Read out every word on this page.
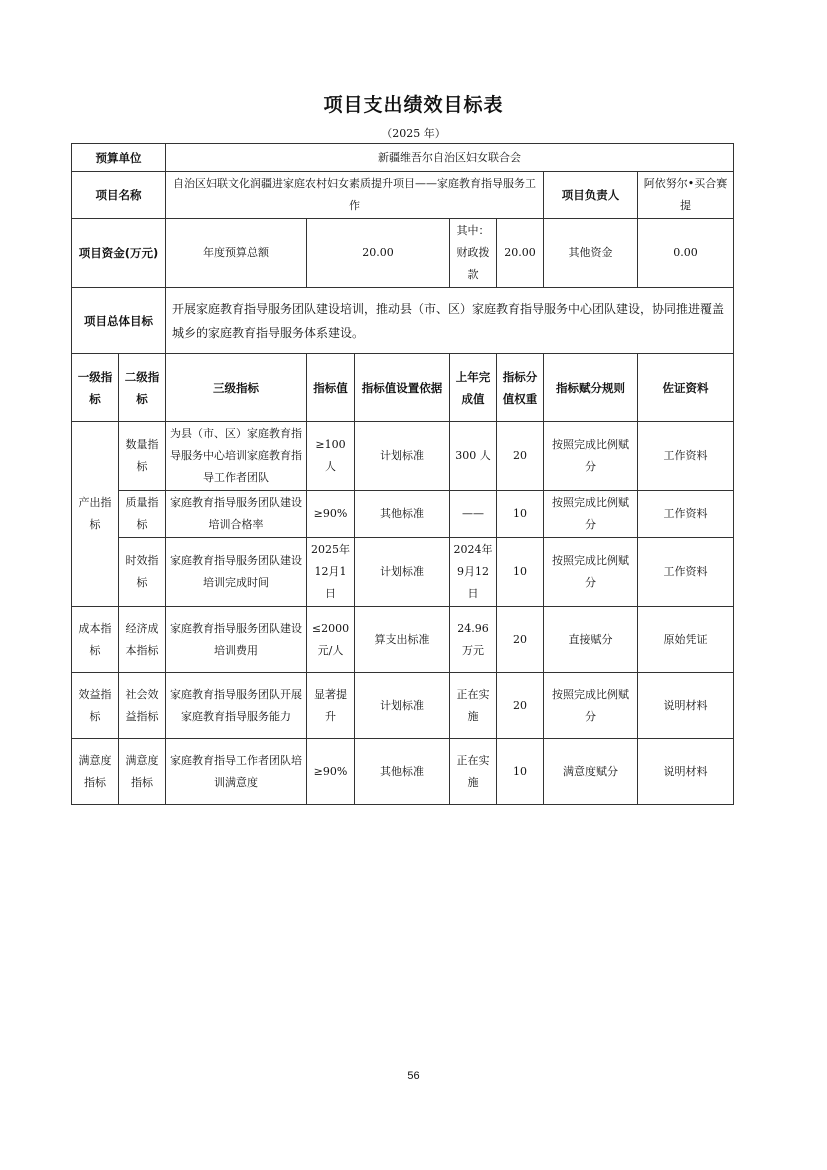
项目支出绩效目标表
（2025 年）
预算单位		新疆维吾尔自治区妇女联合会						
项目名称		自治区妇联文化润疆进家庭农村妇女素质提升项目——家庭教育指导服务工作					项目负责人	阿依努尔•买合赛提
项目资金(万元)		年度预算总额	20.00		其中：财政拨款	20.00	其他资金	0.00
项目总体目标		开展家庭教育指导服务团队建设培训，推动县（市、区）家庭教育指导服务中心团队建设，协同推进覆盖城乡的家庭教育指导服务体系建设。						
一级指标	二级指标	三级指标	指标值	指标值设置依据	上年完成值	指标分值权重	指标赋分规则	佐证资料
产出指标	数量指标	为县（市、区）家庭教育指导服务中心培训家庭教育指导工作者团队	≥100人	计划标准	300 人	20	按照完成比例赋分	工作资料
	质量指标	家庭教育指导服务团队建设培训合格率	≥90%	其他标准	——	10	按照完成比例赋分	工作资料
	时效指标	家庭教育指导服务团队建设培训完成时间	2025年12月1日	计划标准	2024年9月12日	10	按照完成比例赋分	工作资料
成本指标	经济成本指标	家庭教育指导服务团队建设培训费用	≤2000元/人	算支出标准	24.96万元	20	直接赋分	原始凭证
效益指标	社会效益指标	家庭教育指导服务团队开展家庭教育指导服务能力	显著提升	计划标准	正在实施	20	按照完成比例赋分	说明材料
满意度指标	满意度指标	家庭教育指导工作者团队培训满意度	≥90%	其他标准	正在实施	10	满意度赋分	说明材料
56
